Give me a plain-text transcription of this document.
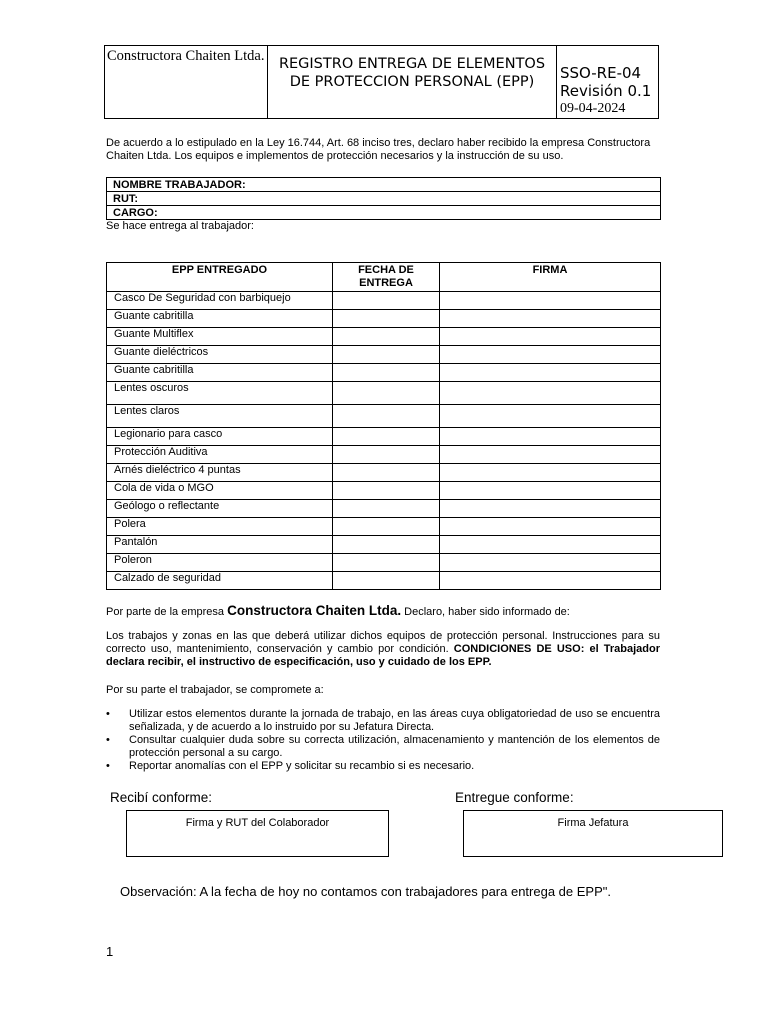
Constructora Chaiten Ltda.	REGISTRO ENTREGA DE ELEMENTOS DE PROTECCION PERSONAL (EPP)	SSO-RE-04
Revisión 0.1
09-04-2024
De acuerdo a lo estipulado en la Ley 16.744, Art. 68 inciso tres, declaro haber recibido la empresa Constructora
Chaiten Ltda. Los equipos e implementos de protección necesarios y la instrucción de su uso.
NOMBRE TRABAJADOR:
RUT:
CARGO:
Se hace entrega al trabajador:
EPP ENTREGADO	FECHA DE ENTREGA	FIRMA
Casco De Seguridad con barbiquejo		
Guante cabritilla		
Guante Multiflex		
Guante dieléctricos		
Guante cabritilla		
Lentes oscuros		
Lentes claros		
Legionario para casco		
Protección Auditiva		
Arnés dieléctrico 4 puntas		
Cola de vida o MGO		
Geólogo o reflectante		
Polera		
Pantalón		
Poleron		
Calzado de seguridad		
Por parte de la empresa Constructora Chaiten Ltda. Declaro, haber sido informado de:
Los trabajos y zonas en las que deberá utilizar dichos equipos de protección personal. Instrucciones para su correcto uso, mantenimiento, conservación y cambio por condición. CONDICIONES DE USO: el Trabajador declara recibir, el instructivo de especificación, uso y cuidado de los EPP.
Por su parte el trabajador, se compromete a:
• Utilizar estos elementos durante la jornada de trabajo, en las áreas cuya obligatoriedad de uso se encuentra señalizada, y de acuerdo a lo instruido por su Jefatura Directa.
• Consultar cualquier duda sobre su correcta utilización, almacenamiento y mantención de los elementos de protección personal a su cargo.
• Reportar anomalías con el EPP y solicitar su recambio si es necesario.
Recibí conforme:	Entregue conforme:
Firma y RUT del Colaborador	Firma Jefatura
Observación: A la fecha de hoy no contamos con trabajadores para entrega de EPP".
1
